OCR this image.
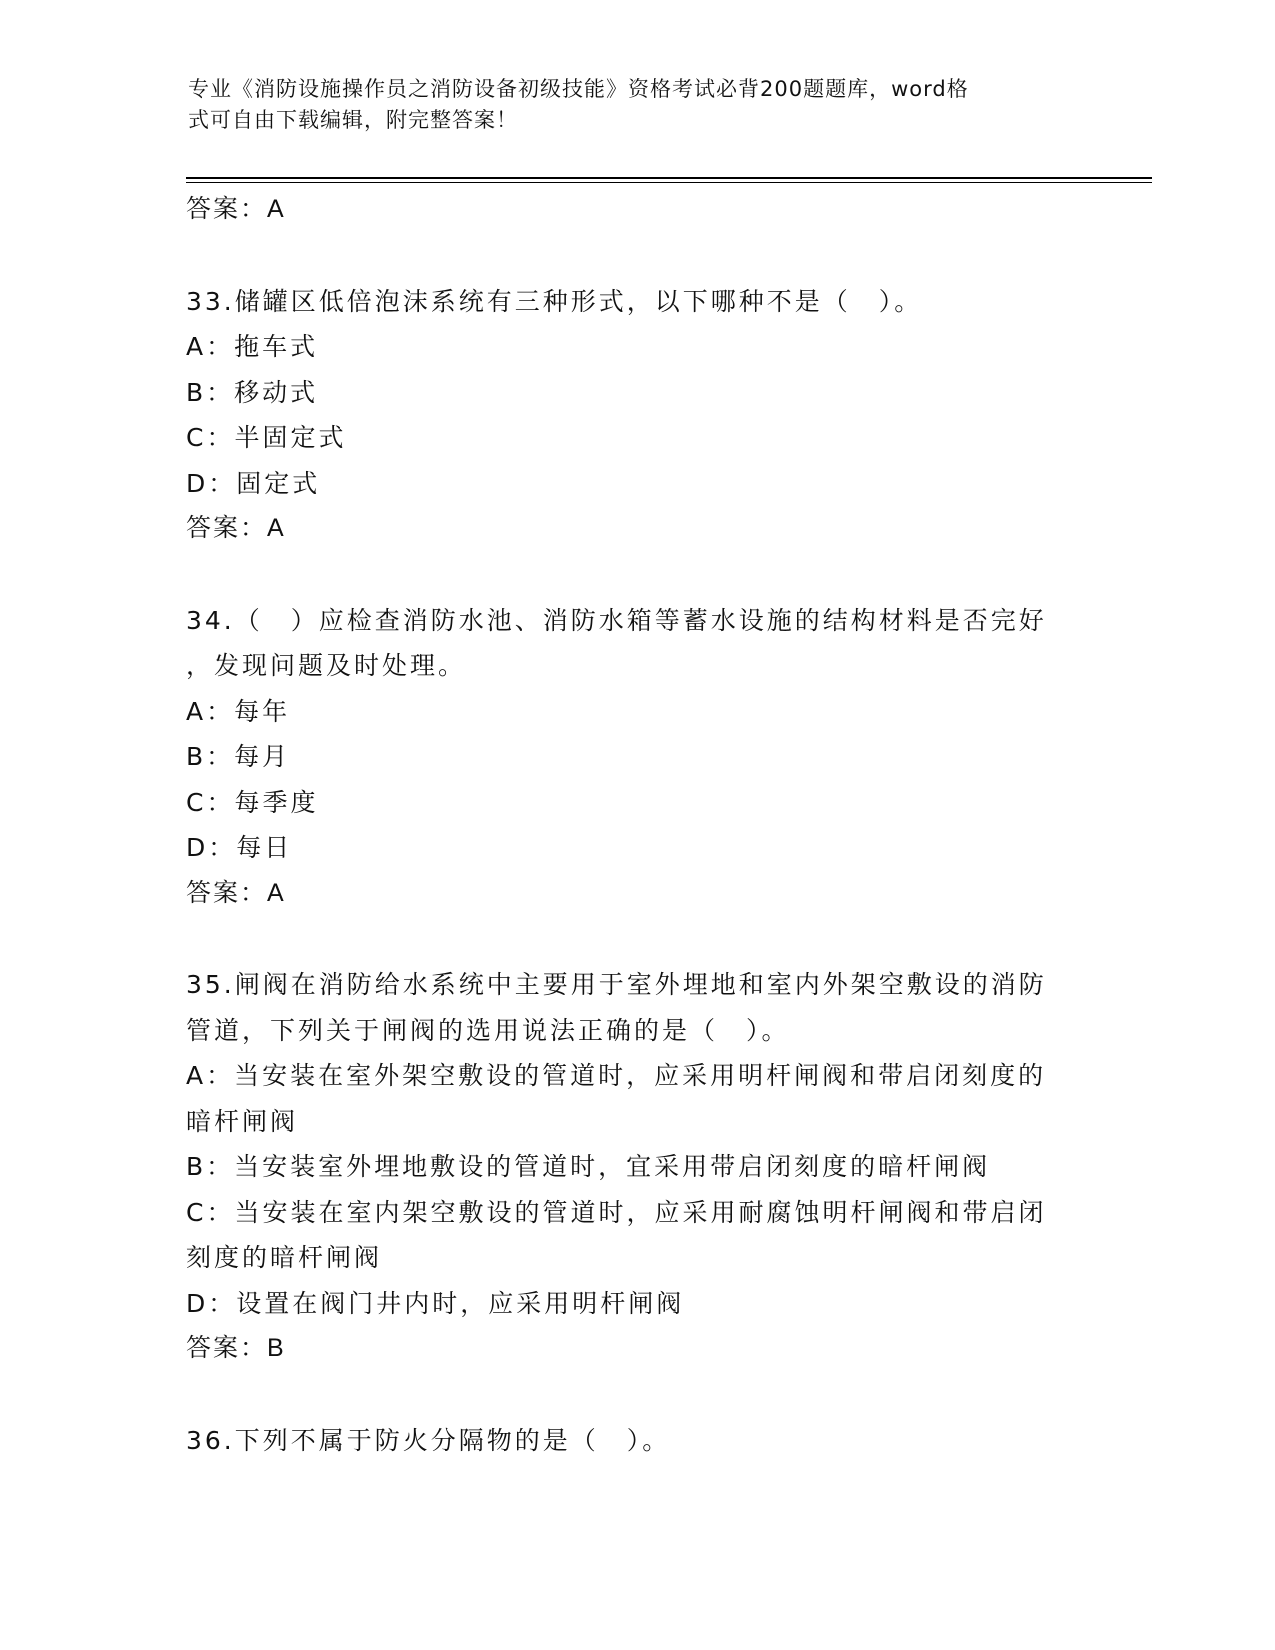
专业《消防设施操作员之消防设备初级技能》资格考试必背200题题库，word格
式可自由下载编辑，附完整答案！
答案：A
33.储罐区低倍泡沫系统有三种形式，以下哪种不是（　）。
A：拖车式
B：移动式
C：半固定式
D：固定式
答案：A
34.（　）应检查消防水池、消防水箱等蓄水设施的结构材料是否完好
，发现问题及时处理。
A：每年
B：每月
C：每季度
D：每日
答案：A
35.闸阀在消防给水系统中主要用于室外埋地和室内外架空敷设的消防
管道，下列关于闸阀的选用说法正确的是（　）。
A：当安装在室外架空敷设的管道时，应采用明杆闸阀和带启闭刻度的
暗杆闸阀
B：当安装室外埋地敷设的管道时，宜采用带启闭刻度的暗杆闸阀
C：当安装在室内架空敷设的管道时，应采用耐腐蚀明杆闸阀和带启闭
刻度的暗杆闸阀
D：设置在阀门井内时，应采用明杆闸阀
答案：B
36.下列不属于防火分隔物的是（　）。
